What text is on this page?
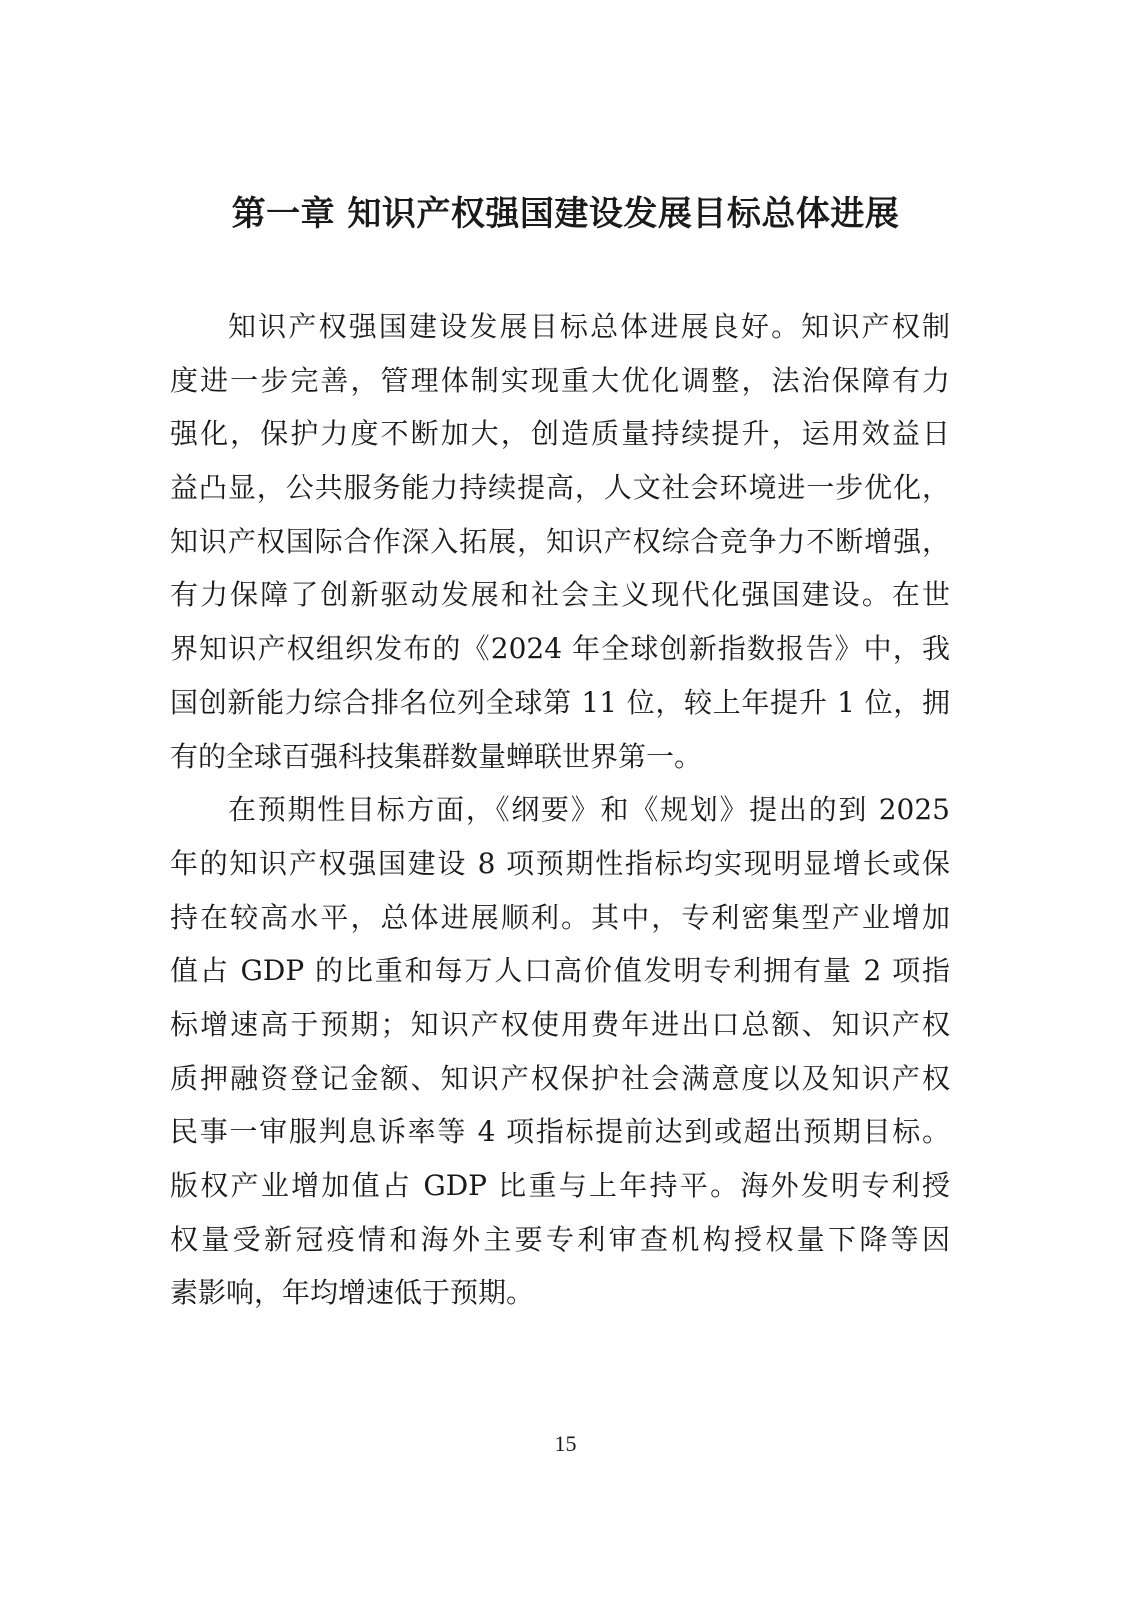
第一章 知识产权强国建设发展目标总体进展
知识产权强国建设发展目标总体进展良好。知识产权制
度进一步完善，管理体制实现重大优化调整，法治保障有力
强化，保护力度不断加大，创造质量持续提升，运用效益日
益凸显，公共服务能力持续提高，人文社会环境进一步优化，
知识产权国际合作深入拓展，知识产权综合竞争力不断增强，
有力保障了创新驱动发展和社会主义现代化强国建设。在世
界知识产权组织发布的《2024 年全球创新指数报告》中，我
国创新能力综合排名位列全球第 11 位，较上年提升 1 位，拥
有的全球百强科技集群数量蝉联世界第一。
在预期性目标方面，《纲要》和《规划》提出的到 2025
年的知识产权强国建设 8 项预期性指标均实现明显增长或保
持在较高水平，总体进展顺利。其中，专利密集型产业增加
值占 GDP 的比重和每万人口高价值发明专利拥有量 2 项指
标增速高于预期；知识产权使用费年进出口总额、知识产权
质押融资登记金额、知识产权保护社会满意度以及知识产权
民事一审服判息诉率等 4 项指标提前达到或超出预期目标。
版权产业增加值占 GDP 比重与上年持平。海外发明专利授
权量受新冠疫情和海外主要专利审查机构授权量下降等因
素影响，年均增速低于预期。
15
